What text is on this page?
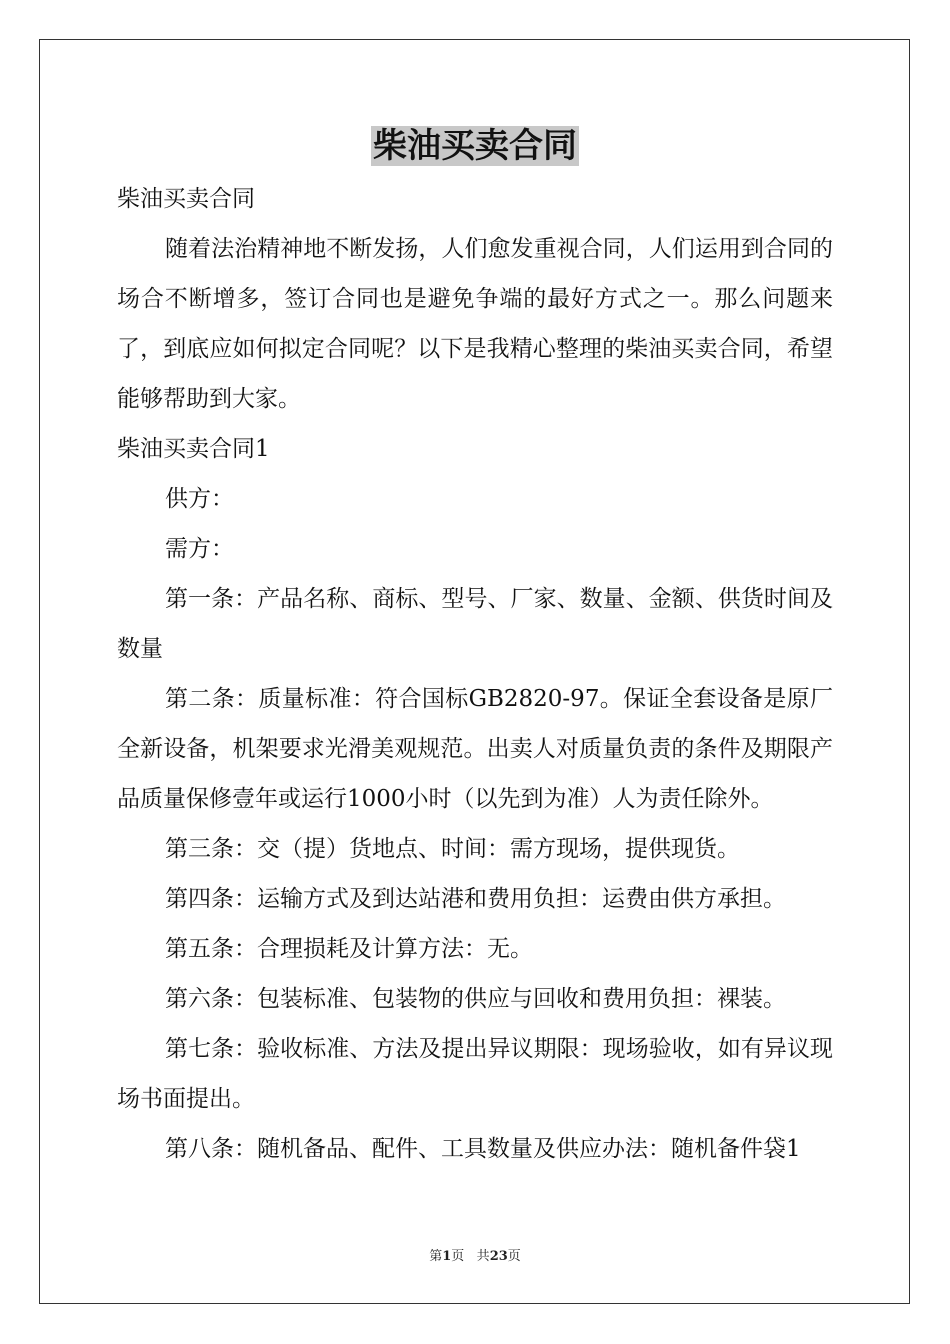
柴油买卖合同

柴油买卖合同

随着法治精神地不断发扬，人们愈发重视合同，人们运用到合同的场合不断增多，签订合同也是避免争端的最好方式之一。那么问题来了，到底应如何拟定合同呢？以下是我精心整理的柴油买卖合同，希望能够帮助到大家。

柴油买卖合同1

供方：

需方：

第一条：产品名称、商标、型号、厂家、数量、金额、供货时间及数量

第二条：质量标准：符合国标GB2820-97。保证全套设备是原厂全新设备，机架要求光滑美观规范。出卖人对质量负责的条件及期限产品质量保修壹年或运行1000小时（以先到为准）人为责任除外。

第三条：交（提）货地点、时间：需方现场，提供现货。

第四条：运输方式及到达站港和费用负担：运费由供方承担。

第五条：合理损耗及计算方法：无。

第六条：包装标准、包装物的供应与回收和费用负担：裸装。

第七条：验收标准、方法及提出异议期限：现场验收，如有异议现场书面提出。

第八条：随机备品、配件、工具数量及供应办法：随机备件袋1

第1页 共23页
